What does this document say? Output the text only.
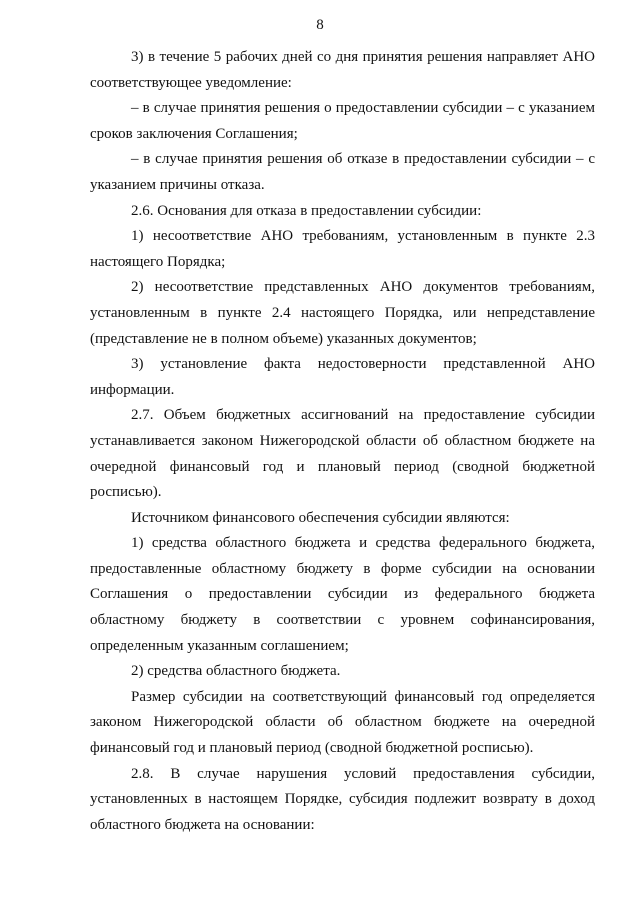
8

3) в течение 5 рабочих дней со дня принятия решения направляет АНО соответствующее уведомление:

– в случае принятия решения о предоставлении субсидии – с указанием сроков заключения Соглашения;

– в случае принятия решения об отказе в предоставлении субсидии – с указанием причины отказа.

2.6. Основания для отказа в предоставлении субсидии:

1) несоответствие АНО требованиям, установленным в пункте 2.3 настоящего Порядка;

2) несоответствие представленных АНО документов требованиям, установленным в пункте 2.4 настоящего Порядка, или непредставление (представление не в полном объеме) указанных документов;

3) установление факта недостоверности представленной АНО информации.

2.7. Объем бюджетных ассигнований на предоставление субсидии устанавливается законом Нижегородской области об областном бюджете на очередной финансовый год и плановый период (сводной бюджетной росписью).

Источником финансового обеспечения субсидии являются:

1) средства областного бюджета и средства федерального бюджета, предоставленные областному бюджету в форме субсидии на основании Соглашения о предоставлении субсидии из федерального бюджета областному бюджету в соответствии с уровнем софинансирования, определенным указанным соглашением;

2) средства областного бюджета.

Размер субсидии на соответствующий финансовый год определяется законом Нижегородской области об областном бюджете на очередной финансовый год и плановый период (сводной бюджетной росписью).

2.8. В случае нарушения условий предоставления субсидии, установленных в настоящем Порядке, субсидия подлежит возврату в доход областного бюджета на основании:
